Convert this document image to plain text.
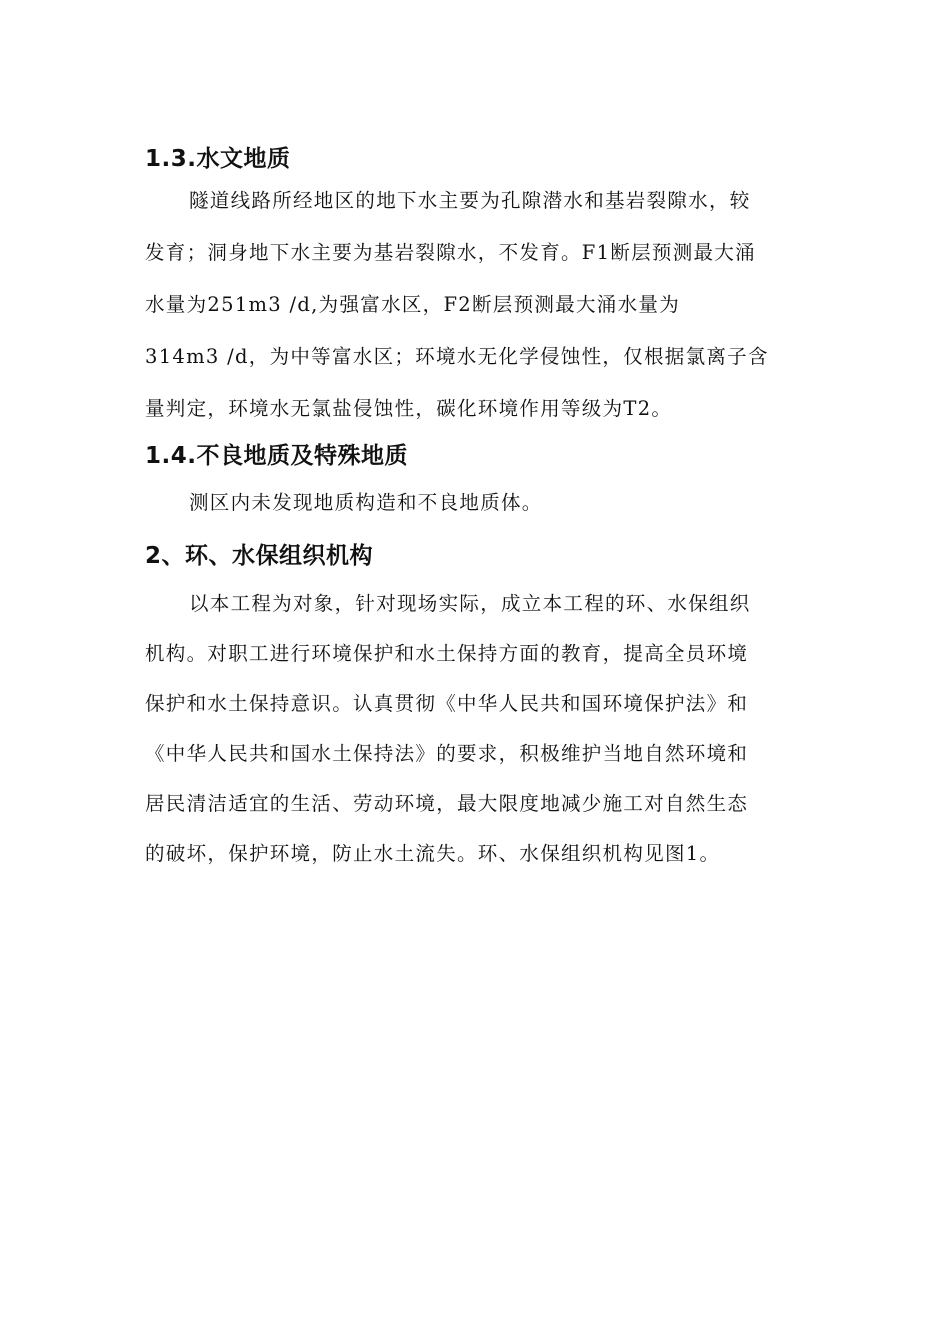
1.3.水文地质
隧道线路所经地区的地下水主要为孔隙潜水和基岩裂隙水，较
发育；洞身地下水主要为基岩裂隙水，不发育。F1断层预测最大涌
水量为251m3 /d,为强富水区，F2断层预测最大涌水量为
314m3 /d，为中等富水区；环境水无化学侵蚀性，仅根据氯离子含
量判定，环境水无氯盐侵蚀性，碳化环境作用等级为T2。
1.4.不良地质及特殊地质
测区内未发现地质构造和不良地质体。
2、环、水保组织机构
以本工程为对象，针对现场实际，成立本工程的环、水保组织
机构。对职工进行环境保护和水土保持方面的教育，提高全员环境
保护和水土保持意识。认真贯彻《中华人民共和国环境保护法》和
《中华人民共和国水土保持法》的要求，积极维护当地自然环境和
居民清洁适宜的生活、劳动环境，最大限度地减少施工对自然生态
的破坏，保护环境，防止水土流失。环、水保组织机构见图1。
